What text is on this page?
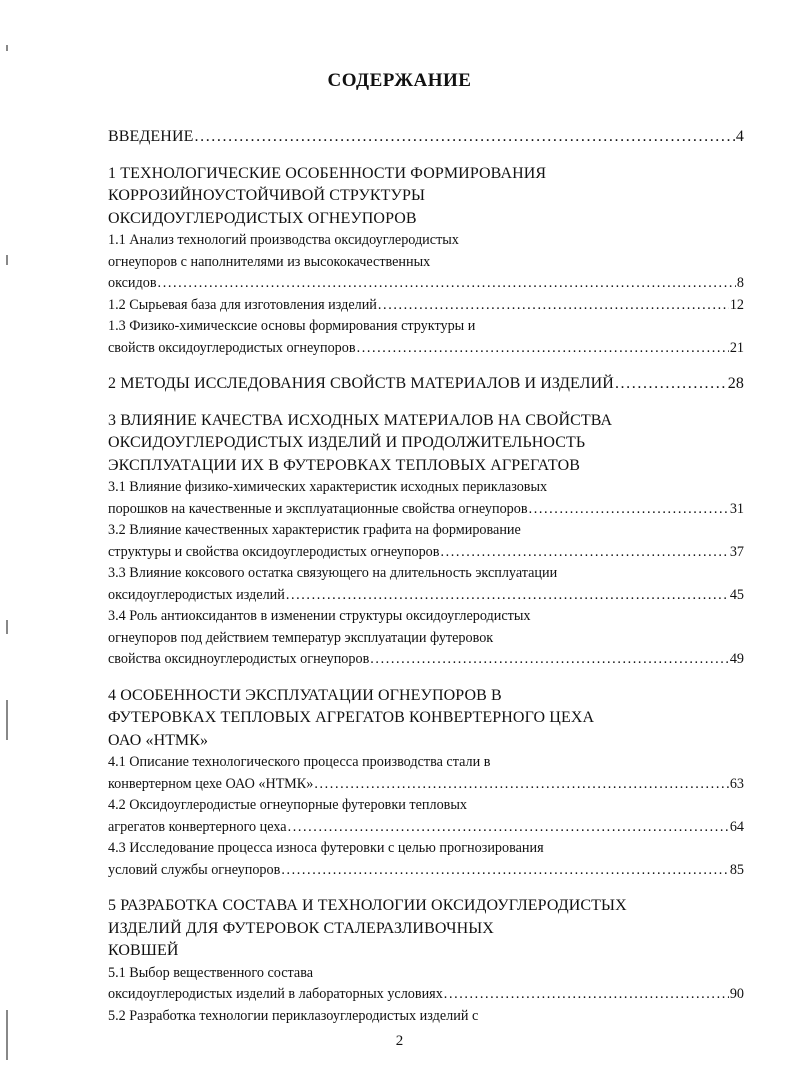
СОДЕРЖАНИЕ
ВВЕДЕНИЕ .....	4
1 ТЕХНОЛОГИЧЕСКИЕ ОСОБЕННОСТИ ФОРМИРОВАНИЯ
КОРРОЗИЙНОУСТОЙЧИВОЙ СТРУКТУРЫ
ОКСИДОУГЛЕРОДИСТЫХ ОГНЕУПОРОВ
1.1 Анализ технологий производства оксидоуглеродистых
огнеупоров с наполнителями из высококачественных
оксидов .....	8
1.2 Сырьевая база для изготовления изделий .....	12
1.3 Физико-химическсие основы формирования структуры и
свойств оксидоуглеродистых огнеупоров .....	21
2 МЕТОДЫ ИССЛЕДОВАНИЯ СВОЙСТВ МАТЕРИАЛОВ И ИЗДЕЛИЙ .....	28
3 ВЛИЯНИЕ КАЧЕСТВА ИСХОДНЫХ МАТЕРИАЛОВ НА СВОЙСТВА
ОКСИДОУГЛЕРОДИСТЫХ ИЗДЕЛИЙ И ПРОДОЛЖИТЕЛЬНОСТЬ
ЭКСПЛУАТАЦИИ ИХ В ФУТЕРОВКАХ ТЕПЛОВЫХ АГРЕГАТОВ
3.1 Влияние физико-химических характеристик исходных периклазовых
порошков на качественные и эксплуатационные свойства огнеупоров .....	31
3.2 Влияние качественных характеристик графита на формирование
структуры и свойства оксидоуглеродистых огнеупоров .....	37
3.3 Влияние коксового остатка связующего на длительность эксплуатации
оксидоуглеродистых изделий .....	45
3.4 Роль антиоксидантов в изменении структуры оксидоуглеродистых
огнеупоров под действием температур эксплуатации футеровок
свойства оксидноуглеродистых огнеупоров .....	49
4 ОСОБЕННОСТИ ЭКСПЛУАТАЦИИ ОГНЕУПОРОВ В
ФУТЕРОВКАХ ТЕПЛОВЫХ АГРЕГАТОВ КОНВЕРТЕРНОГО ЦЕХА
ОАО «НТМК»
4.1 Описание технологического процесса производства стали в
конвертерном цехе ОАО «НТМК» .....	63
4.2 Оксидоуглеродистые огнеупорные футеровки тепловых
агрегатов конвертерного цеха .....	64
4.3 Исследование процесса износа футеровки с целью прогнозирования
условий службы огнеупоров .....	85
5 РАЗРАБОТКА СОСТАВА И ТЕХНОЛОГИИ ОКСИДОУГЛЕРОДИСТЫХ
ИЗДЕЛИЙ ДЛЯ ФУТЕРОВОК СТАЛЕРАЗЛИВОЧНЫХ
КОВШЕЙ
5.1 Выбор вещественного состава
оксидоуглеродистых изделий в лабораторных условиях .....	90
5.2 Разработка технологии периклазоуглеродистых изделий с
2
